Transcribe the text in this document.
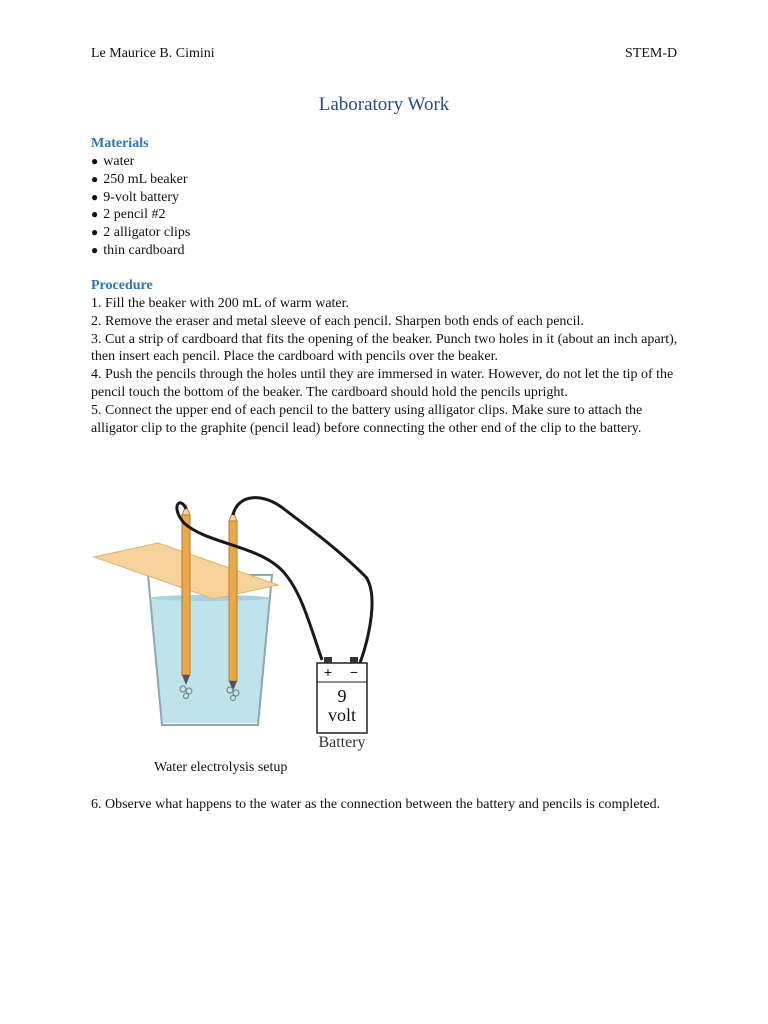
Le Maurice B. Cimini	STEM-D
Laboratory Work
Materials
● water
● 250 mL beaker
● 9-volt battery
● 2 pencil #2
● 2 alligator clips
● thin cardboard
Procedure
1. Fill the beaker with 200 mL of warm water.
2. Remove the eraser and metal sleeve of each pencil. Sharpen both ends of each pencil.
3. Cut a strip of cardboard that fits the opening of the beaker. Punch two holes in it (about an inch apart), then insert each pencil. Place the cardboard with pencils over the beaker.
4. Push the pencils through the holes until they are immersed in water. However, do not let the tip of the pencil touch the bottom of the beaker. The cardboard should hold the pencils upright.
5. Connect the upper end of each pencil to the battery using alligator clips. Make sure to attach the alligator clip to the graphite (pencil lead) before connecting the other end of the clip to the battery.
+ −
9
volt
Battery
Water electrolysis setup
6. Observe what happens to the water as the connection between the battery and pencils is completed.
